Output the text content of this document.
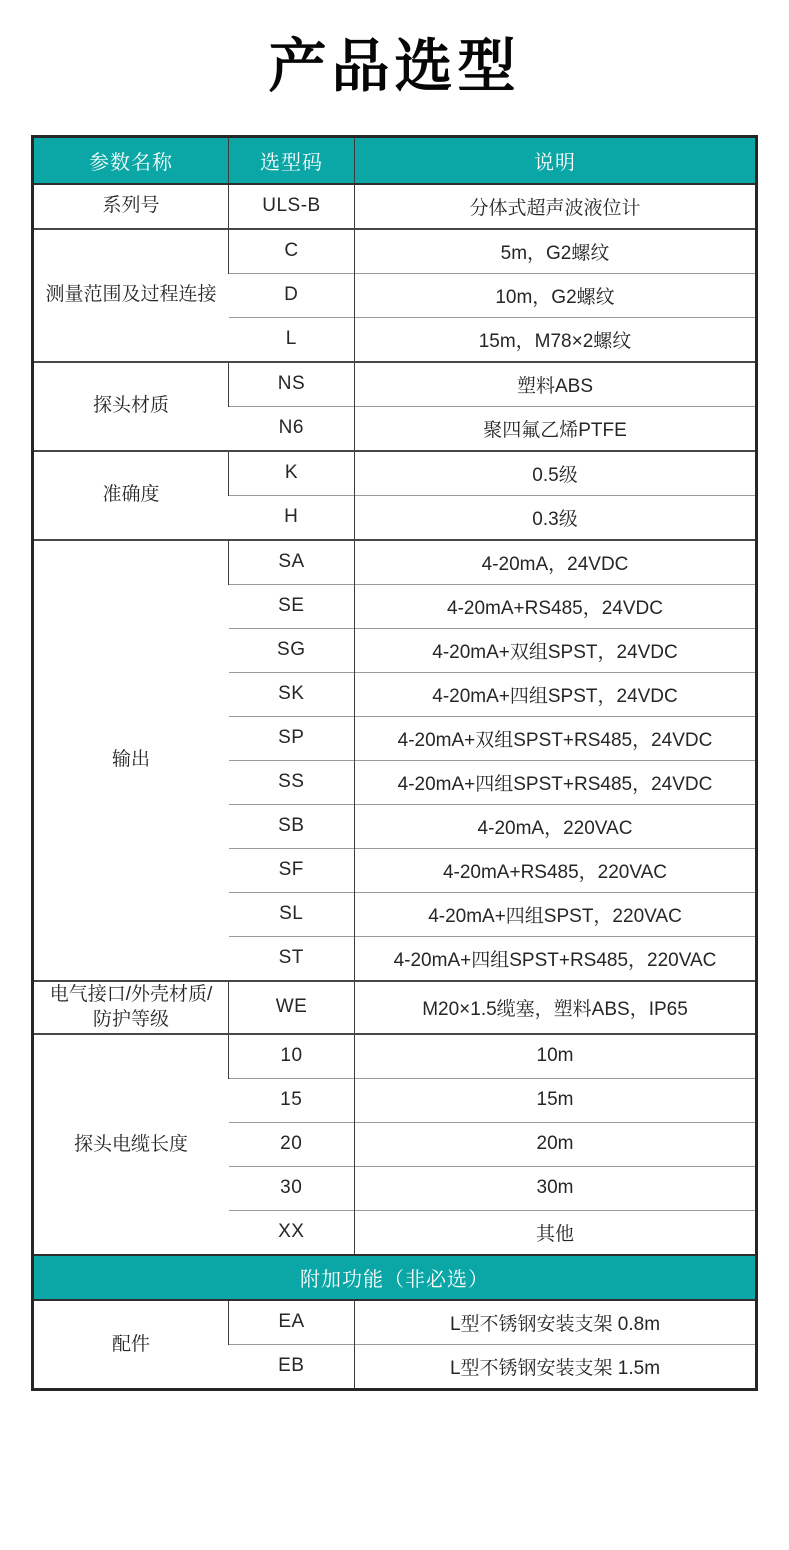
产品选型
参数名称	选型码	说明
系列号	ULS-B	分体式超声波液位计
测量范围及过程连接	C	5m，G2螺纹
	D	10m，G2螺纹
	L	15m，M78×2螺纹
探头材质	NS	塑料ABS
	N6	聚四氟乙烯PTFE
准确度	K	0.5级
	H	0.3级
输出	SA	4-20mA，24VDC
	SE	4-20mA+RS485，24VDC
	SG	4-20mA+双组SPST，24VDC
	SK	4-20mA+四组SPST，24VDC
	SP	4-20mA+双组SPST+RS485，24VDC
	SS	4-20mA+四组SPST+RS485，24VDC
	SB	4-20mA，220VAC
	SF	4-20mA+RS485，220VAC
	SL	4-20mA+四组SPST，220VAC
	ST	4-20mA+四组SPST+RS485，220VAC
电气接口/外壳材质/防护等级	WE	M20×1.5缆塞，塑料ABS，IP65
探头电缆长度	10	10m
	15	15m
	20	20m
	30	30m
	XX	其他
附加功能（非必选）		
配件	EA	L型不锈钢安装支架 0.8m
	EB	L型不锈钢安装支架 1.5m
